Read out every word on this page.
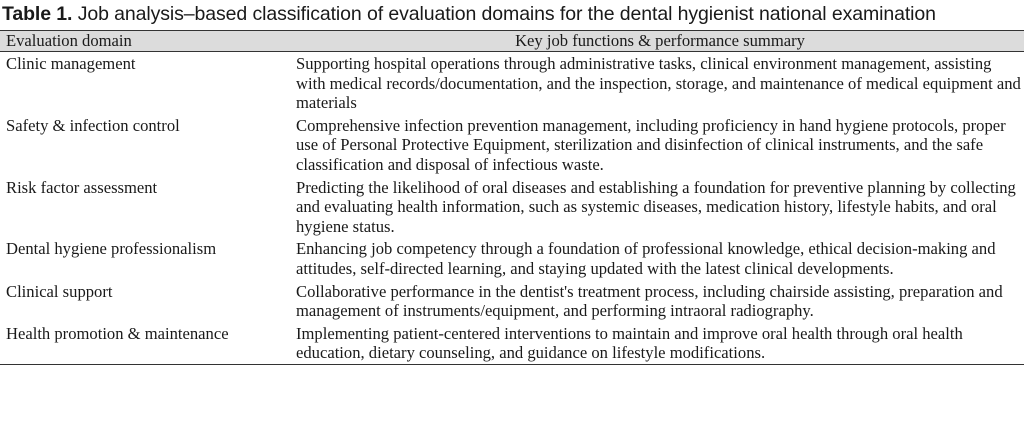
Table 1. Job analysis–based classification of evaluation domains for the dental hygienist national examination
Evaluation domain	Key job functions & performance summary
Clinic management	Supporting hospital operations through administrative tasks, clinical environment management, assisting with medical records/documentation, and the inspection, storage, and maintenance of medical equipment and materials
Safety & infection control	Comprehensive infection prevention management, including proficiency in hand hygiene protocols, proper use of Personal Protective Equipment, sterilization and disinfection of clinical instruments, and the safe classification and disposal of infectious waste.
Risk factor assessment	Predicting the likelihood of oral diseases and establishing a foundation for preventive planning by collecting and evaluating health information, such as systemic diseases, medication history, lifestyle habits, and oral hygiene status.
Dental hygiene professionalism	Enhancing job competency through a foundation of professional knowledge, ethical decision-making and attitudes, self-directed learning, and staying updated with the latest clinical developments.
Clinical support	Collaborative performance in the dentist's treatment process, including chairside assisting, preparation and management of instruments/equipment, and performing intraoral radiography.
Health promotion & maintenance	Implementing patient-centered interventions to maintain and improve oral health through oral health education, dietary counseling, and guidance on lifestyle modifications.
